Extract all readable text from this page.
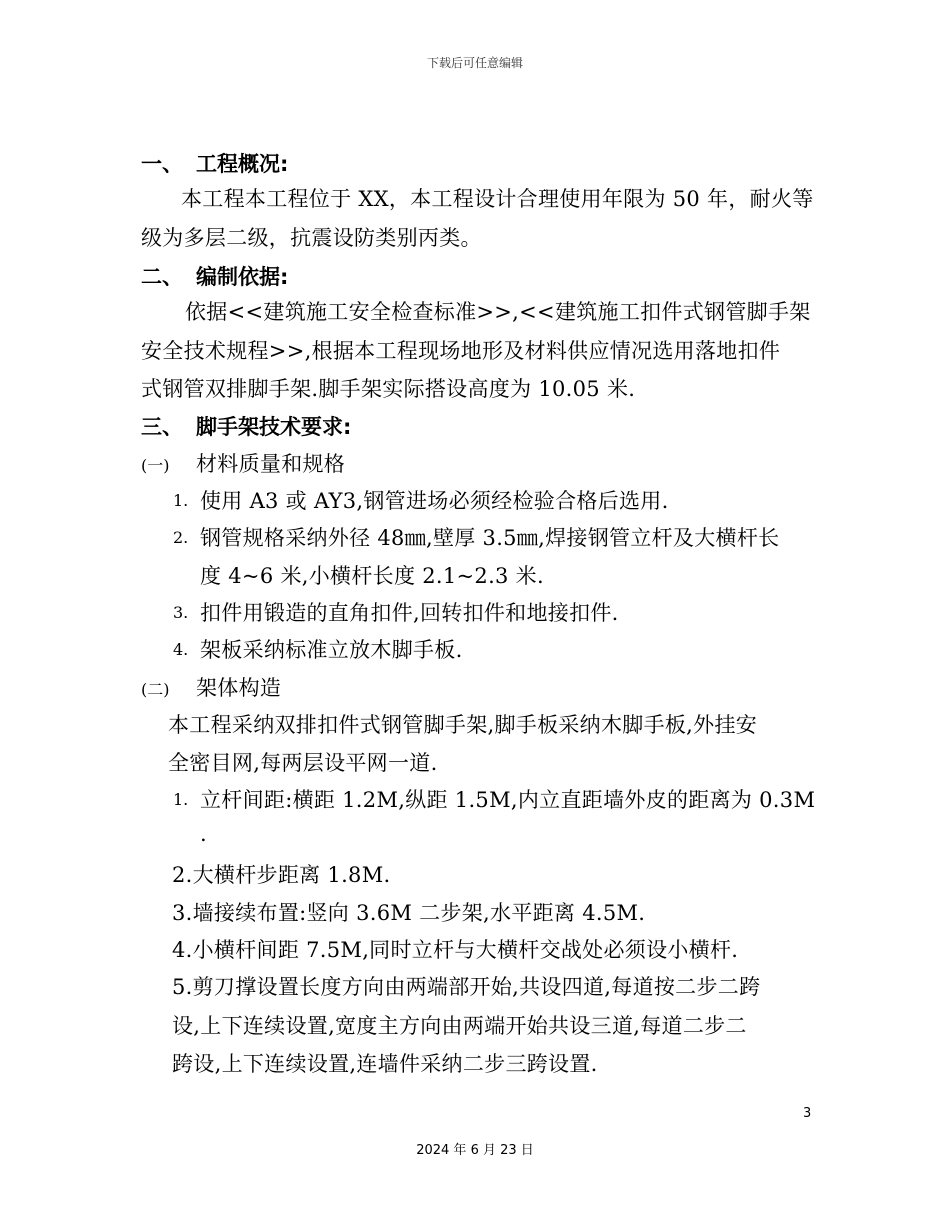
下载后可任意编辑
一、 工程概况:
本工程本工程位于 XX，本工程设计合理使用年限为 50 年，耐火等
级为多层二级，抗震设防类别丙类。
二、 编制依据:
依据<<建筑施工安全检查标准>>,<<建筑施工扣件式钢管脚手架
安全技术规程>>,根据本工程现场地形及材料供应情况选用落地扣件
式钢管双排脚手架.脚手架实际搭设高度为 10.05 米.
三、 脚手架技术要求:
(一) 材料质量和规格
1. 使用 A3 或 AY3,钢管进场必须经检验合格后选用.
2. 钢管规格采纳外径 48㎜,壁厚 3.5㎜,焊接钢管立杆及大横杆长
度 4~6 米,小横杆长度 2.1~2.3 米.
3. 扣件用锻造的直角扣件,回转扣件和地接扣件.
4. 架板采纳标准立放木脚手板.
(二) 架体构造
本工程采纳双排扣件式钢管脚手架,脚手板采纳木脚手板,外挂安
全密目网,每两层设平网一道.
1. 立杆间距:横距 1.2M,纵距 1.5M,内立直距墙外皮的距离为 0.3M
.
2.大横杆步距离 1.8M.
3.墙接续布置:竖向 3.6M 二步架,水平距离 4.5M.
4.小横杆间距 7.5M,同时立杆与大横杆交战处必须设小横杆.
5.剪刀撑设置长度方向由两端部开始,共设四道,每道按二步二跨
设,上下连续设置,宽度主方向由两端开始共设三道,每道二步二
跨设,上下连续设置,连墙件采纳二步三跨设置.
3
2024 年 6 月 23 日
